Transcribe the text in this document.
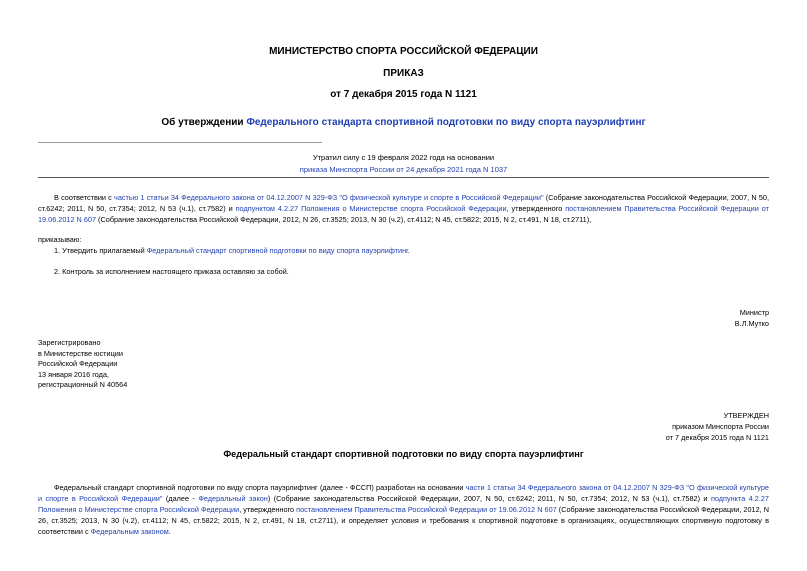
МИНИСТЕРСТВО СПОРТА РОССИЙСКОЙ ФЕДЕРАЦИИ
ПРИКАЗ
от 7 декабря 2015 года N 1121
Об утверждении Федерального стандарта спортивной подготовки по виду спорта пауэрлифтинг
Утратил силу с 19 февраля 2022 года на основании
приказа Минспорта России от 24 декабря 2021 года N 1037
В соответствии с частью 1 статьи 34 Федерального закона от 04.12.2007 N 329-ФЗ "О физической культуре и спорте в Российской Федерации" (Собрание законодательства Российской Федерации, 2007, N 50, ст.6242; 2011, N 50, ст.7354; 2012, N 53 (ч.1), ст.7582) и подпунктом 4.2.27 Положения о Министерстве спорта Российской Федерации, утвержденного постановлением Правительства Российской Федерации от 19.06.2012 N 607 (Собрание законодательства Российской Федерации, 2012, N 26, ст.3525; 2013, N 30 (ч.2), ст.4112; N 45, ст.5822; 2015, N 2, ст.491, N 18, ст.2711),
приказываю:
1. Утвердить прилагаемый Федеральный стандарт спортивной подготовки по виду спорта пауэрлифтинг.
2. Контроль за исполнением настоящего приказа оставляю за собой.
Министр
В.Л.Мутко
Зарегистрировано
в Министерстве юстиции
Российской Федерации
13 января 2016 года,
регистрационный N 40564
УТВЕРЖДЕН
приказом Минспорта России
от 7 декабря 2015 года N 1121
Федеральный стандарт спортивной подготовки по виду спорта пауэрлифтинг
Федеральный стандарт спортивной подготовки по виду спорта пауэрлифтинг (далее - ФССП) разработан на основании части 1 статьи 34 Федерального закона от 04.12.2007 N 329-ФЗ "О физической культуре и спорте в Российской Федерации" (далее - Федеральный закон) (Собрание законодательства Российской Федерации, 2007, N 50, ст.6242; 2011, N 50, ст.7354; 2012, N 53 (ч.1), ст.7582) и подпункта 4.2.27 Положения о Министерстве спорта Российской Федерации, утвержденного постановлением Правительства Российской Федерации от 19.06.2012 N 607 (Собрание законодательства Российской Федерации, 2012, N 26, ст.3525; 2013, N 30 (ч.2), ст.4112; N 45, ст.5822; 2015, N 2, ст.491, N 18, ст.2711), и определяет условия и требования к спортивной подготовке в организациях, осуществляющих спортивную подготовку в соответствии с Федеральным законом.
